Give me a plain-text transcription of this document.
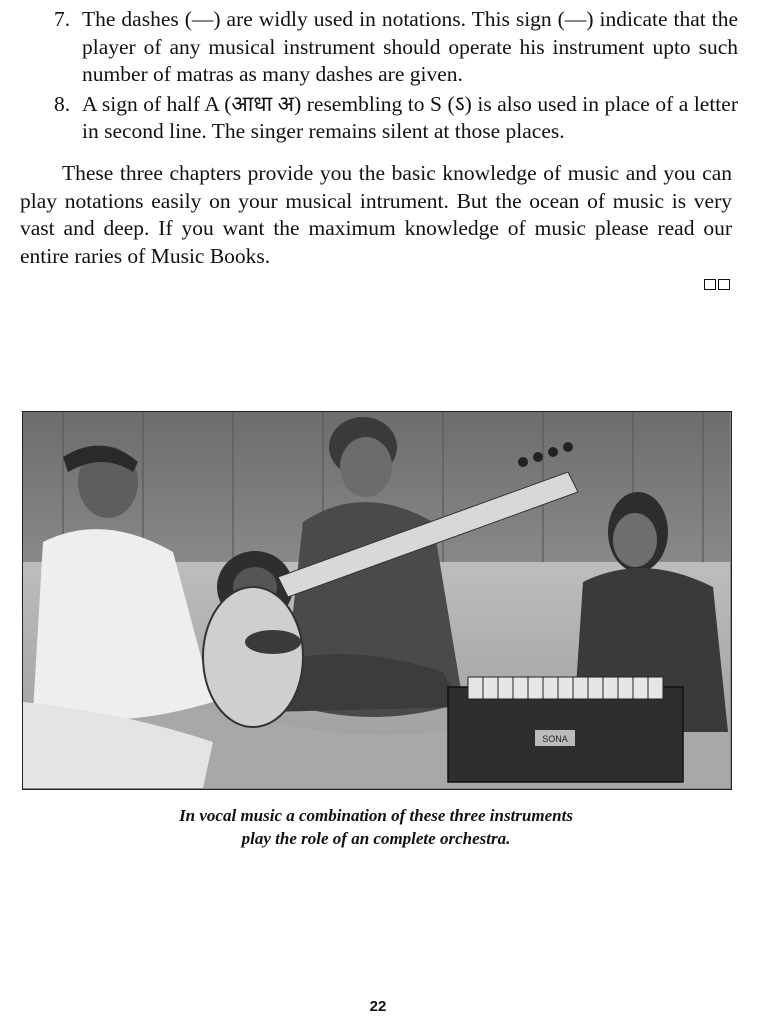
7. The dashes (—) are widly used in notations. This sign (—) indicate that the player of any musical instrument should operate his instrument upto such number of matras as many dashes are given.
8. A sign of half A (आधा अ) resembling to S (ऽ) is also used in place of a letter in second line. The singer remains silent at those places.

These three chapters provide you the basic knowledge of music and you can play notations easily on your musical intrument. But the ocean of music is very vast and deep. If you want the maximum knowledge of music please read our entire raries of Music Books.

SONA
In vocal music a combination of these three instruments
play the role of an complete orchestra.
22
